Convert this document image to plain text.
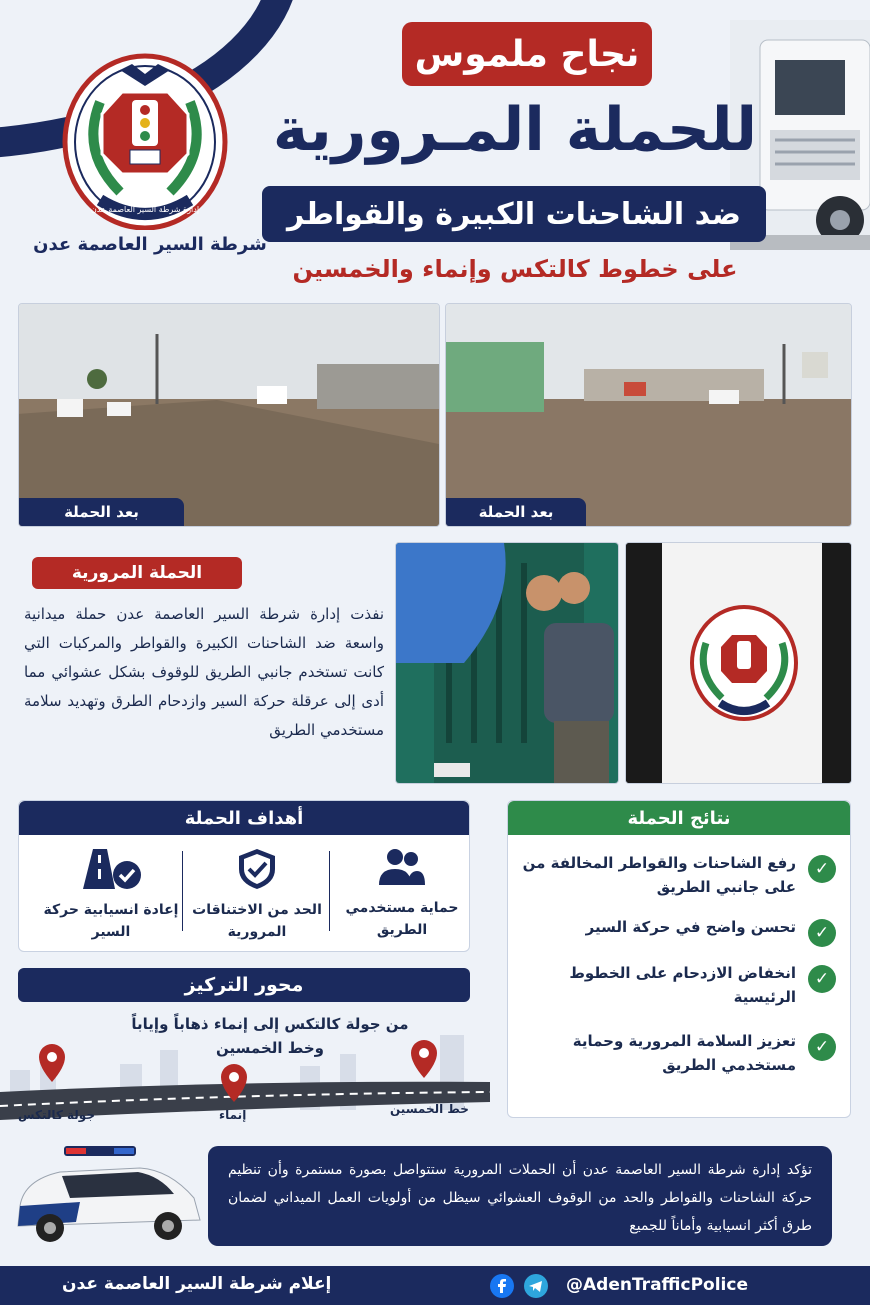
نجاح ملموس
للحملة المـرورية
ضد الشاحنات الكبيرة والقواطر
على خطوط كالتكس وإنماء والخمسين
إدارة شرطة السير العاصمة عدن
شرطة السير العاصمة عدن
بعد الحملة	بعد الحملة
الحملة المرورية
نفذت إدارة شرطة السير العاصمة عدن حملة ميدانية واسعة ضد الشاحنات الكبيرة والقواطر والمركبات التي كانت تستخدم جانبي الطريق للوقوف بشكل عشوائي مما أدى إلى عرقلة حركة السير وازدحام الطرق وتهديد سلامة مستخدمي الطريق
أهداف الحملة
حماية مستخدمي الطريق
الحد من الاختناقات المرورية
إعادة انسيابية حركة السير
نتائج الحملة
✓
رفع الشاحنات والقواطر المخالفة من على جانبي الطريق
✓
تحسن واضح في حركة السير
✓
انخفاض الازدحام على الخطوط الرئيسية
✓
تعزيز السلامة المرورية وحماية مستخدمي الطريق
محور التركيز
من جولة كالتكس إلى إنماء ذهاباً وإياباً وخط الخمسين
خط الخمسين
إنماء
جولة كالتكس
تؤكد إدارة شرطة السير العاصمة عدن أن الحملات المرورية ستتواصل بصورة مستمرة وأن تنظيم حركة الشاحنات والقواطر والحد من الوقوف العشوائي سيظل من أولويات العمل الميداني لضمان طرق أكثر انسيابية وأماناً للجميع
إعلام شرطة السير العاصمة عدن	@AdenTrafficPolice
